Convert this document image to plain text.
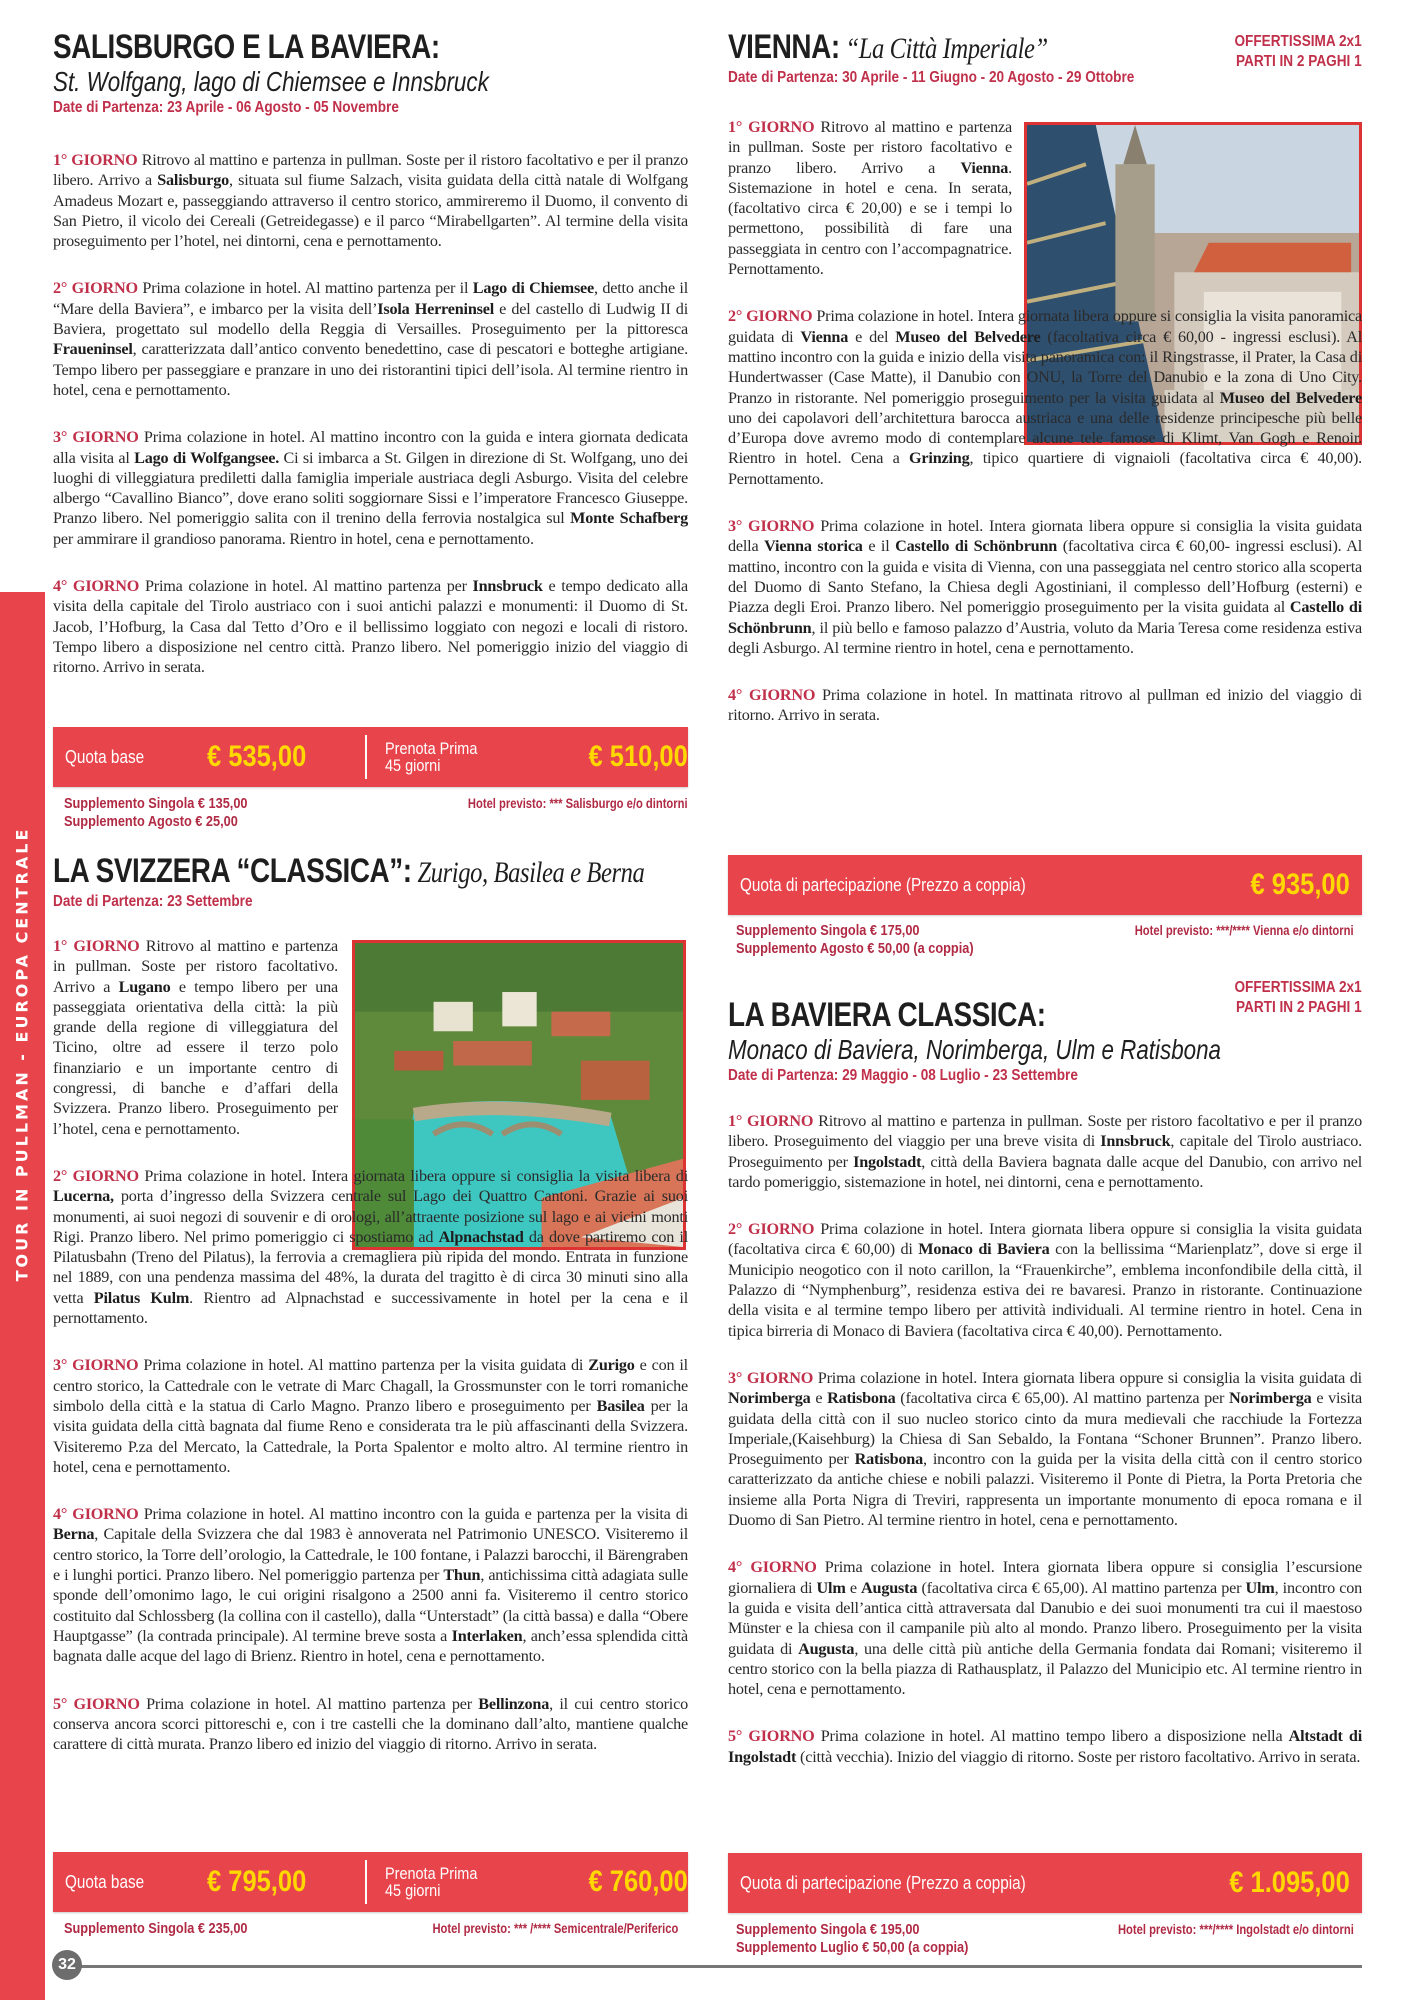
TOUR IN PULLMAN - EUROPA CENTRALE
SALISBURGO E LA BAVIERA:
St. Wolfgang, lago di Chiemsee e Innsbruck
Date di Partenza: 23 Aprile - 06 Agosto - 05 Novembre

1° GIORNO Ritrovo al mattino e partenza in pullman. Soste per il ristoro facoltativo e per il pranzo libero. Arrivo a Salisburgo, situata sul fiume Salzach, visita guidata della città natale di Wolfgang Amadeus Mozart e, passeggiando attraverso il centro storico, ammireremo il Duomo, il convento di San Pietro, il vicolo dei Cereali (Getreidegasse) e il parco “Mirabellgarten”. Al termine della visita proseguimento per l’hotel, nei dintorni, cena e pernottamento.

2° GIORNO Prima colazione in hotel. Al mattino partenza per il Lago di Chiemsee, detto anche il “Mare della Baviera”, e imbarco per la visita dell’Isola Herreninsel e del castello di Ludwig II di Baviera, progettato sul modello della Reggia di Versailles. Proseguimento per la pittoresca Fraueninsel, caratterizzata dall’antico convento benedettino, case di pescatori e botteghe artigiane. Tempo libero per passeggiare e pranzare in uno dei ristorantini tipici dell’isola. Al termine rientro in hotel, cena e pernottamento.

3° GIORNO Prima colazione in hotel. Al mattino incontro con la guida e intera giornata dedicata alla visita al Lago di Wolfgangsee. Ci si imbarca a St. Gilgen in direzione di St. Wolfgang, uno dei luoghi di villeggiatura prediletti dalla famiglia imperiale austriaca degli Asburgo. Visita del celebre albergo “Cavallino Bianco”, dove erano soliti soggiornare Sissi e l’imperatore Francesco Giuseppe. Pranzo libero. Nel pomeriggio salita con il trenino della ferrovia nostalgica sul Monte Schafberg per ammirare il grandioso panorama. Rientro in hotel, cena e pernottamento.

4° GIORNO Prima colazione in hotel. Al mattino partenza per Innsbruck e tempo dedicato alla visita della capitale del Tirolo austriaco con i suoi antichi palazzi e monumenti: il Duomo di St. Jacob, l’Hofburg, la Casa dal Tetto d’Oro e il bellissimo loggiato con negozi e locali di ristoro. Tempo libero a disposizione nel centro città. Pranzo libero. Nel pomeriggio inizio del viaggio di ritorno. Arrivo in serata.

Quota base	€ 535,00	Prenota Prima
45 giorni	€ 510,00
Supplemento Singola € 135,00
Supplemento Agosto € 25,00
Hotel previsto: *** Salisburgo e/o dintorni
LA SVIZZERA “CLASSICA”: Zurigo, Basilea e Berna
Date di Partenza: 23 Settembre

1° GIORNO Ritrovo al mattino e partenza in pullman. Soste per ristoro facoltativo. Arrivo a Lugano e tempo libero per una passeggiata orientativa della città: la più grande della regione di villeggiatura del Ticino, oltre ad essere il terzo polo finanziario e un importante centro di congressi, di banche e d’affari della Svizzera. Pranzo libero. Proseguimento per l’hotel, cena e pernottamento.

2° GIORNO Prima colazione in hotel. Intera giornata libera oppure si consiglia la visita libera di Lucerna, porta d’ingresso della Svizzera centrale sul Lago dei Quattro Cantoni. Grazie ai suoi monumenti, ai suoi negozi di souvenir e di orologi, all’attraente posizione sul lago e ai vicini monti Rigi. Pranzo libero. Nel primo pomeriggio ci spostiamo ad Alpnachstad da dove partiremo con il Pilatusbahn (Treno del Pilatus), la ferrovia a cremagliera più ripida del mondo. Entrata in funzione nel 1889, con una pendenza massima del 48%, la durata del tragitto è di circa 30 minuti sino alla vetta Pilatus Kulm. Rientro ad Alpnachstad e successivamente in hotel per la cena e il pernottamento.

3° GIORNO Prima colazione in hotel. Al mattino partenza per la visita guidata di Zurigo e con il centro storico, la Cattedrale con le vetrate di Marc Chagall, la Grossmunster con le torri romaniche simbolo della città e la statua di Carlo Magno. Pranzo libero e proseguimento per Basilea per la visita guidata della città bagnata dal fiume Reno e considerata tra le più affascinanti della Svizzera. Visiteremo P.za del Mercato, la Cattedrale, la Porta Spalentor e molto altro. Al termine rientro in hotel, cena e pernottamento.

4° GIORNO Prima colazione in hotel. Al mattino incontro con la guida e partenza per la visita di Berna, Capitale della Svizzera che dal 1983 è annoverata nel Patrimonio UNESCO. Visiteremo il centro storico, la Torre dell’orologio, la Cattedrale, le 100 fontane, i Palazzi barocchi, il Bärengraben e i lunghi portici. Pranzo libero. Nel pomeriggio partenza per Thun, antichissima città adagiata sulle sponde dell’omonimo lago, le cui origini risalgono a 2500 anni fa. Visiteremo il centro storico costituito dal Schlossberg (la collina con il castello), dalla “Unterstadt” (la città bassa) e dalla “Obere Hauptgasse” (la contrada principale). Al termine breve sosta a Interlaken, anch’essa splendida città bagnata dalle acque del lago di Brienz. Rientro in hotel, cena e pernottamento.

5° GIORNO Prima colazione in hotel. Al mattino partenza per Bellinzona, il cui centro storico conserva ancora scorci pittoreschi e, con i tre castelli che la dominano dall’alto, mantiene qualche carattere di città murata. Pranzo libero ed inizio del viaggio di ritorno. Arrivo in serata.

Quota base	€ 795,00	Prenota Prima
45 giorni	€ 760,00
Supplemento Singola € 235,00	Hotel previsto: *** /**** Semicentrale/Periferico
VIENNA: “La Città Imperiale”
Date di Partenza: 30 Aprile - 11 Giugno - 20 Agosto - 29 Ottobre
OFFERTISSIMA 2x1
PARTI IN 2 PAGHI 1

1° GIORNO Ritrovo al mattino e partenza in pullman. Soste per ristoro facoltativo e pranzo libero. Arrivo a Vienna. Sistemazione in hotel e cena. In serata, (facoltativo circa € 20,00) e se i tempi lo permettono, possibilità di fare una passeggiata in centro con l’accompagnatrice. Pernottamento.

2° GIORNO Prima colazione in hotel. Intera giornata libera oppure si consiglia la visita panoramica guidata di Vienna e del Museo del Belvedere (facoltativa circa € 60,00 - ingressi esclusi). Al mattino incontro con la guida e inizio della visita panoramica con: il Ringstrasse, il Prater, la Casa di Hundertwasser (Case Matte), il Danubio con ONU, la Torre del Danubio e la zona di Uno City. Pranzo in ristorante. Nel pomeriggio proseguimento per la visita guidata al Museo del Belvedere uno dei capolavori dell’architettura barocca austriaca e una delle residenze principesche più belle d’Europa dove avremo modo di contemplare alcune tele famose di Klimt, Van Gogh e Renoir. Rientro in hotel. Cena a Grinzing, tipico quartiere di vignaioli (facoltativa circa € 40,00). Pernottamento.

3° GIORNO Prima colazione in hotel. Intera giornata libera oppure si consiglia la visita guidata della Vienna storica e il Castello di Schönbrunn (facoltativa circa € 60,00- ingressi esclusi). Al mattino, incontro con la guida e visita di Vienna, con una passeggiata nel centro storico alla scoperta del Duomo di Santo Stefano, la Chiesa degli Agostiniani, il complesso dell’Hofburg (esterni) e Piazza degli Eroi. Pranzo libero. Nel pomeriggio proseguimento per la visita guidata al Castello di Schönbrunn, il più bello e famoso palazzo d’Austria, voluto da Maria Teresa come residenza estiva degli Asburgo. Al termine rientro in hotel, cena e pernottamento.

4° GIORNO Prima colazione in hotel. In mattinata ritrovo al pullman ed inizio del viaggio di ritorno. Arrivo in serata.

Quota di partecipazione (Prezzo a coppia)	€ 935,00
Supplemento Singola € 175,00
Supplemento Agosto € 50,00 (a coppia)
Hotel previsto: ***/**** Vienna e/o dintorni
OFFERTISSIMA 2x1
PARTI IN 2 PAGHI 1
LA BAVIERA CLASSICA:
Monaco di Baviera, Norimberga, Ulm e Ratisbona
Date di Partenza: 29 Maggio - 08 Luglio - 23 Settembre

1° GIORNO Ritrovo al mattino e partenza in pullman. Soste per ristoro facoltativo e per il pranzo libero. Proseguimento del viaggio per una breve visita di Innsbruck, capitale del Tirolo austriaco. Proseguimento per Ingolstadt, città della Baviera bagnata dalle acque del Danubio, con arrivo nel tardo pomeriggio, sistemazione in hotel, nei dintorni, cena e pernottamento.

2° GIORNO Prima colazione in hotel. Intera giornata libera oppure si consiglia la visita guidata (facoltativa circa € 60,00) di Monaco di Baviera con la bellissima “Marienplatz”, dove si erge il Municipio neogotico con il noto carillon, la “Frauenkirche”, emblema inconfondibile della città, il Palazzo di “Nymphenburg”, residenza estiva dei re bavaresi. Pranzo in ristorante. Continuazione della visita e al termine tempo libero per attività individuali. Al termine rientro in hotel. Cena in tipica birreria di Monaco di Baviera (facoltativa circa € 40,00). Pernottamento.

3° GIORNO Prima colazione in hotel. Intera giornata libera oppure si consiglia la visita guidata di Norimberga e Ratisbona (facoltativa circa € 65,00). Al mattino partenza per Norimberga e visita guidata della città con il suo nucleo storico cinto da mura medievali che racchiude la Fortezza Imperiale,(Kaisehburg) la Chiesa di San Sebaldo, la Fontana “Schoner Brunnen”. Pranzo libero. Proseguimento per Ratisbona, incontro con la guida per la visita della città con il centro storico caratterizzato da antiche chiese e nobili palazzi. Visiteremo il Ponte di Pietra, la Porta Pretoria che insieme alla Porta Nigra di Treviri, rappresenta un importante monumento di epoca romana e il Duomo di San Pietro. Al termine rientro in hotel, cena e pernottamento.

4° GIORNO Prima colazione in hotel. Intera giornata libera oppure si consiglia l’escursione giornaliera di Ulm e Augusta (facoltativa circa € 65,00). Al mattino partenza per Ulm, incontro con la guida e visita dell’antica città attraversata dal Danubio e dei suoi monumenti tra cui il maestoso Münster e la chiesa con il campanile più alto al mondo. Pranzo libero. Proseguimento per la visita guidata di Augusta, una delle città più antiche della Germania fondata dai Romani; visiteremo il centro storico con la bella piazza di Rathausplatz, il Palazzo del Municipio etc. Al termine rientro in hotel, cena e pernottamento.

5° GIORNO Prima colazione in hotel. Al mattino tempo libero a disposizione nella Altstadt di Ingolstadt (città vecchia). Inizio del viaggio di ritorno. Soste per ristoro facoltativo. Arrivo in serata.

Quota di partecipazione (Prezzo a coppia)	€ 1.095,00
Supplemento Singola € 195,00
Supplemento Luglio € 50,00 (a coppia)
Hotel previsto: ***/**** Ingolstadt e/o dintorni
32
